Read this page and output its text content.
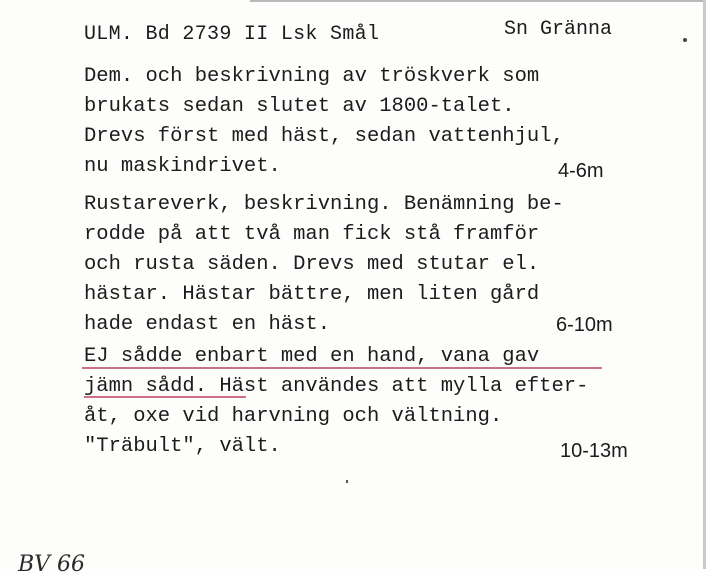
ULM. Bd 2739 II Lsk Smål	Sn Gränna
Dem. och beskrivning av tröskverk som
brukats sedan slutet av 1800-talet.
Drevs först med häst, sedan vattenhjul,
nu maskindrivet.	4-6m
Rustareverk, beskrivning. Benämning be-
rodde på att två man fick stå framför
och rusta säden. Drevs med stutar el.
hästar. Hästar bättre, men liten gård
hade endast en häst.	6-10m
EJ sådde enbart med en hand, vana gav
jämn sådd. Häst användes att mylla efter-
åt, oxe vid harvning och vältning.
"Träbult", vält.	10-13m
BV 66
